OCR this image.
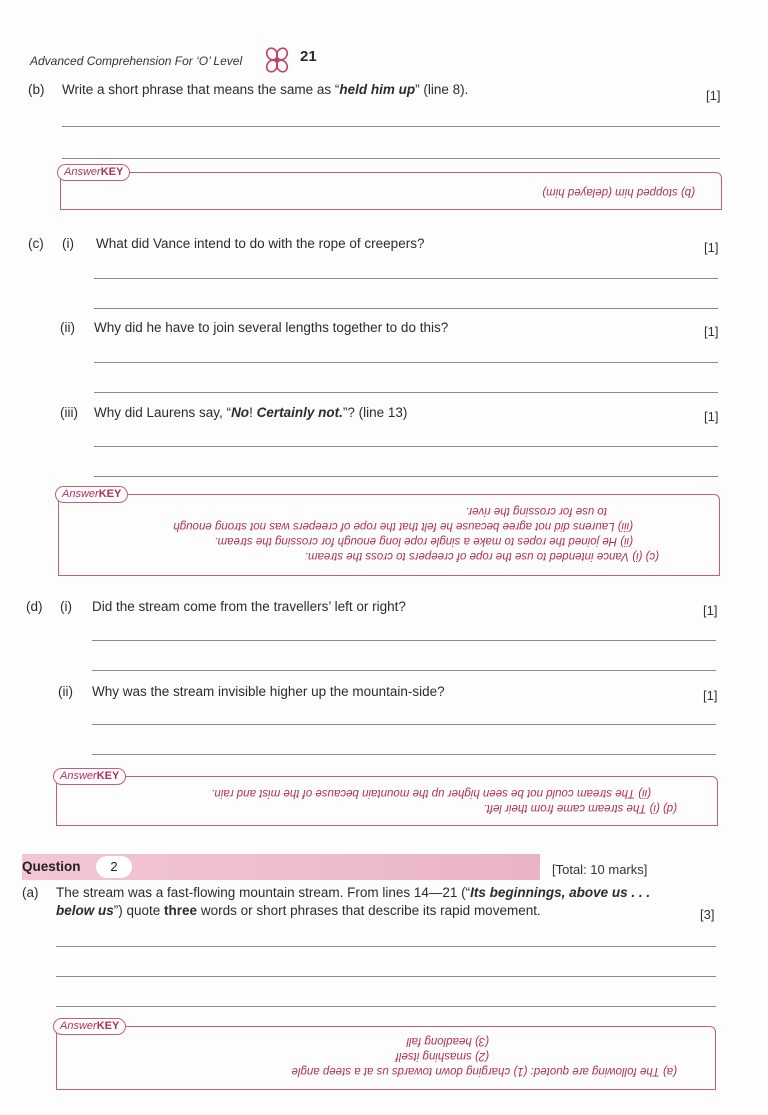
Advanced Comprehension For ‘O’ Level	21
(b) Write a short phrase that means the same as “held him up” (line 8).	[1]
AnswerKEY
(b) stopped him (delayed him)
(c) (i) What did Vance intend to do with the rope of creepers?	[1]
(ii) Why did he have to join several lengths together to do this?	[1]
(iii) Why did Laurens say, “No! Certainly not.”? (line 13)	[1]
AnswerKEY
(c) (i) Vance intended to use the rope of creepers to cross the stream.
(ii) He joined the ropes to make a single rope long enough for crossing the stream.
(iii) Laurens did not agree because he felt that the rope of creepers was not strong enough
to use for crossing the river.
(d) (i) Did the stream come from the travellers’ left or right?	[1]
(ii) Why was the stream invisible higher up the mountain-side?	[1]
AnswerKEY
(d) (i) The stream came from their left.
(ii) The stream could not be seen higher up the mountain because of the mist and rain.
Question	2	[Total: 10 marks]
(a) The stream was a fast-flowing mountain stream. From lines 14—21 (“Its beginnings, above us . . .
below us”) quote three words or short phrases that describe its rapid movement.	[3]
AnswerKEY
(a) The following are quoted: (1) charging down towards us at a steep angle
(2) smashing itself
(3) headlong fall
